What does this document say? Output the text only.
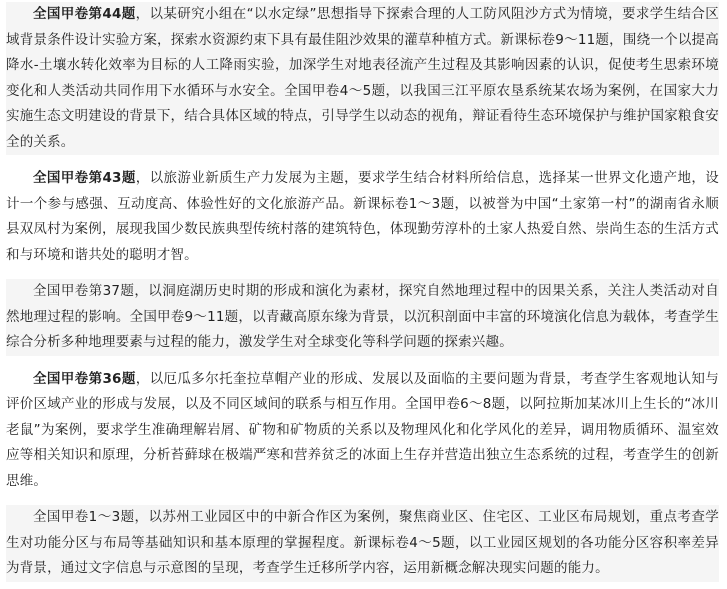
全国甲卷第44题，以某研究小组在“以水定绿”思想指导下探索合理的人工防风阻沙方式为情境，要求学生结合区域背景条件设计实验方案，探索水资源约束下具有最佳阻沙效果的灌草种植方式。新课标卷9～11题，围绕一个以提高降水-土壤水转化效率为目标的人工降雨实验，加深学生对地表径流产生过程及其影响因素的认识，促使考生思索环境变化和人类活动共同作用下水循环与水安全。全国甲卷4～5题，以我国三江平原农垦系统某农场为案例，在国家大力实施生态文明建设的背景下，结合具体区域的特点，引导学生以动态的视角，辩证看待生态环境保护与维护国家粮食安全的关系。

全国甲卷第43题，以旅游业新质生产力发展为主题，要求学生结合材料所给信息，选择某一世界文化遗产地，设计一个参与感强、互动度高、体验性好的文化旅游产品。新课标卷1～3题，以被誉为中国“土家第一村”的湖南省永顺县双凤村为案例，展现我国少数民族典型传统村落的建筑特色，体现勤劳淳朴的土家人热爱自然、崇尚生态的生活方式和与环境和谐共处的聪明才智。

全国甲卷第37题，以洞庭湖历史时期的形成和演化为素材，探究自然地理过程中的因果关系，关注人类活动对自然地理过程的影响。全国甲卷9～11题，以青藏高原东缘为背景，以沉积剖面中丰富的环境演化信息为载体，考查学生综合分析多种地理要素与过程的能力，激发学生对全球变化等科学问题的探索兴趣。

全国甲卷第36题，以厄瓜多尔托奎拉草帽产业的形成、发展以及面临的主要问题为背景，考查学生客观地认知与评价区域产业的形成与发展，以及不同区域间的联系与相互作用。全国甲卷6～8题，以阿拉斯加某冰川上生长的“冰川老鼠”为案例，要求学生准确理解岩屑、矿物和矿物质的关系以及物理风化和化学风化的差异，调用物质循环、温室效应等相关知识和原理，分析苔藓球在极端严寒和营养贫乏的冰面上生存并营造出独立生态系统的过程，考查学生的创新思维。

全国甲卷1～3题，以苏州工业园区中的中新合作区为案例，聚焦商业区、住宅区、工业区布局规划，重点考查学生对功能分区与布局等基础知识和基本原理的掌握程度。新课标卷4～5题，以工业园区规划的各功能分区容积率差异为背景，通过文字信息与示意图的呈现，考查学生迁移所学内容，运用新概念解决现实问题的能力。
